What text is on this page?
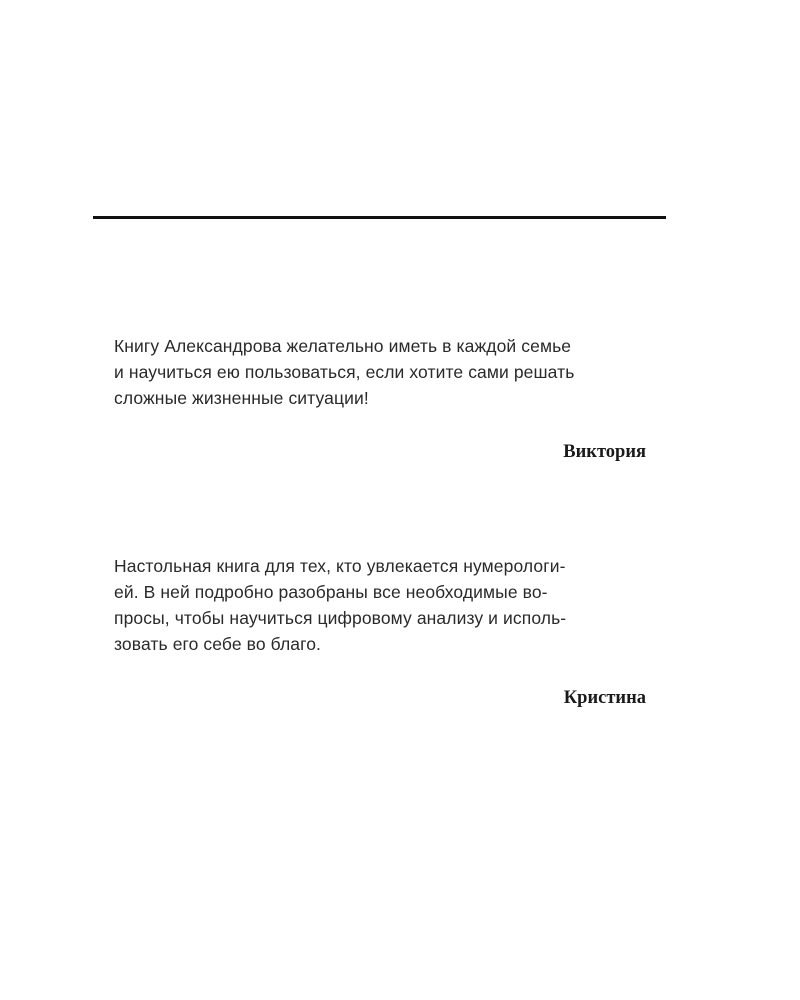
Книгу Александрова желательно иметь в каждой семье
и научиться ею пользоваться, если хотите сами решать
сложные жизненные ситуации!

Виктория

Настольная книга для тех, кто увлекается нумерологи-
ей. В ней подробно разобраны все необходимые во-
просы, чтобы научиться цифровому анализу и исполь-
зовать его себе во благо.

Кристина
